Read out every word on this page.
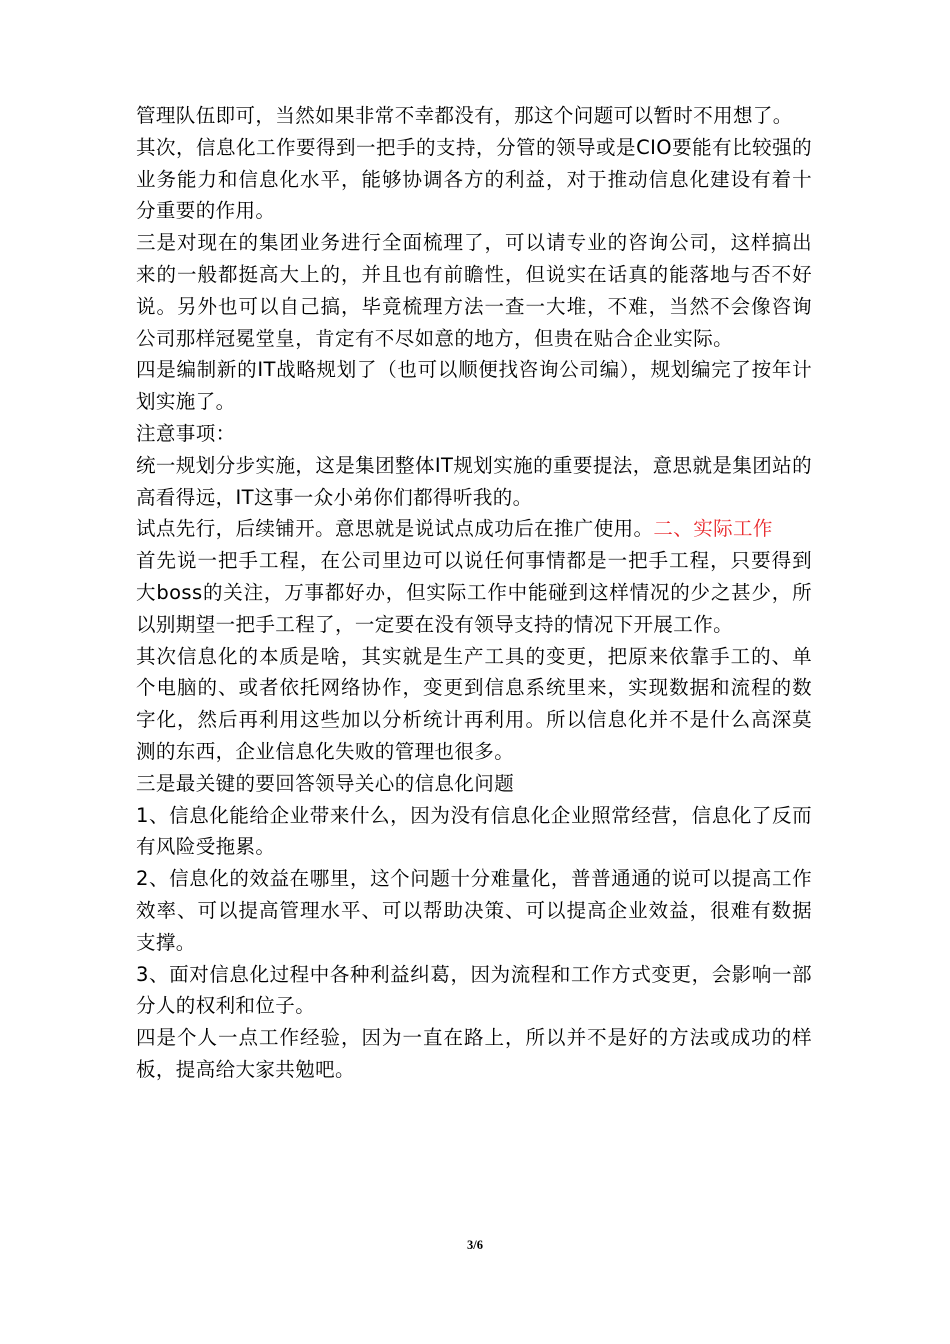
管理队伍即可，当然如果非常不幸都没有，那这个问题可以暂时不用想了。

其次，信息化工作要得到一把手的支持，分管的领导或是CIO要能有比较强的业务能力和信息化水平，能够协调各方的利益，对于推动信息化建设有着十分重要的作用。

三是对现在的集团业务进行全面梳理了，可以请专业的咨询公司，这样搞出来的一般都挺高大上的，并且也有前瞻性，但说实在话真的能落地与否不好说。另外也可以自己搞，毕竟梳理方法一查一大堆，不难，当然不会像咨询公司那样冠冕堂皇，肯定有不尽如意的地方，但贵在贴合企业实际。

四是编制新的IT战略规划了（也可以顺便找咨询公司编），规划编完了按年计划实施了。

注意事项：

统一规划分步实施，这是集团整体IT规划实施的重要提法，意思就是集团站的高看得远，IT这事一众小弟你们都得听我的。

试点先行，后续铺开。意思就是说试点成功后在推广使用。二、实际工作

首先说一把手工程，在公司里边可以说任何事情都是一把手工程，只要得到大boss的关注，万事都好办，但实际工作中能碰到这样情况的少之甚少，所以别期望一把手工程了，一定要在没有领导支持的情况下开展工作。

其次信息化的本质是啥，其实就是生产工具的变更，把原来依靠手工的、单个电脑的、或者依托网络协作，变更到信息系统里来，实现数据和流程的数字化，然后再利用这些加以分析统计再利用。所以信息化并不是什么高深莫测的东西，企业信息化失败的管理也很多。

三是最关键的要回答领导关心的信息化问题

1、信息化能给企业带来什么，因为没有信息化企业照常经营，信息化了反而有风险受拖累。

2、信息化的效益在哪里，这个问题十分难量化，普普通通的说可以提高工作效率、可以提高管理水平、可以帮助决策、可以提高企业效益，很难有数据支撑。

3、面对信息化过程中各种利益纠葛，因为流程和工作方式变更，会影响一部分人的权利和位子。

四是个人一点工作经验，因为一直在路上，所以并不是好的方法或成功的样板，提高给大家共勉吧。

3/6
